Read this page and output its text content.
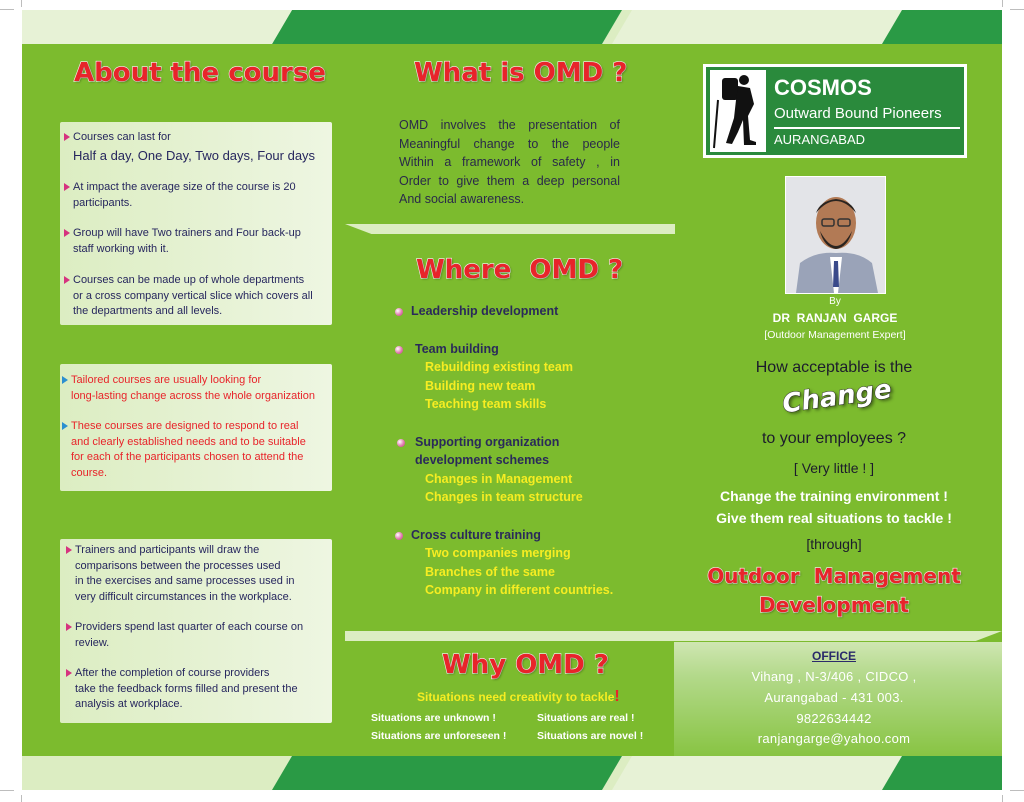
About the course
Courses can last for
Half a day, One Day, Two days, Four days
At impact the average size of the course is 20
participants.
Group will have Two trainers and Four back-up
staff working with it.
Courses can be made up of whole departments
or a cross company vertical slice which covers all
the departments and all levels.
Tailored courses are usually looking for
long-lasting change across the whole organization
These courses are designed to respond to real
and clearly established needs and to be suitable
for each of the participants chosen to attend the
course.
Trainers and participants will draw the
comparisons between the processes used
in the exercises and same processes used in
very difficult circumstances in the workplace.
Providers spend last quarter of each course on
review.
After the completion of course providers
take the feedback forms filled and present the
analysis at workplace.
What is OMD ?
OMD involves the presentation of
Meaningful change to the people
Within a framework of safety , in
Order to give them a deep personal
And social awareness.
Where  OMD ?
Leadership development
Team building
Rebuilding existing team
Building new team
Teaching team skills
Supporting organization
development schemes
Changes in Management
Changes in team structure
Cross culture training
Two companies merging
Branches of the same
Company in different countries.
Why OMD ?
Situations need creativity to tackle!
Situations are unknown !	Situations are real !
Situations are unforeseen !	Situations are novel !
COSMOS
Outward Bound Pioneers
AURANGABAD
By
DR  RANJAN  GARGE
[Outdoor Management Expert]
How acceptable is the
Change
to your employees ?
[ Very little ! ]
Change the training environment !
Give them real situations to tackle !
[through]
Outdoor  Management
Development
OFFICE
Vihang , N-3/406 , CIDCO ,
Aurangabad - 431 003.
9822634442
ranjangarge@yahoo.com
